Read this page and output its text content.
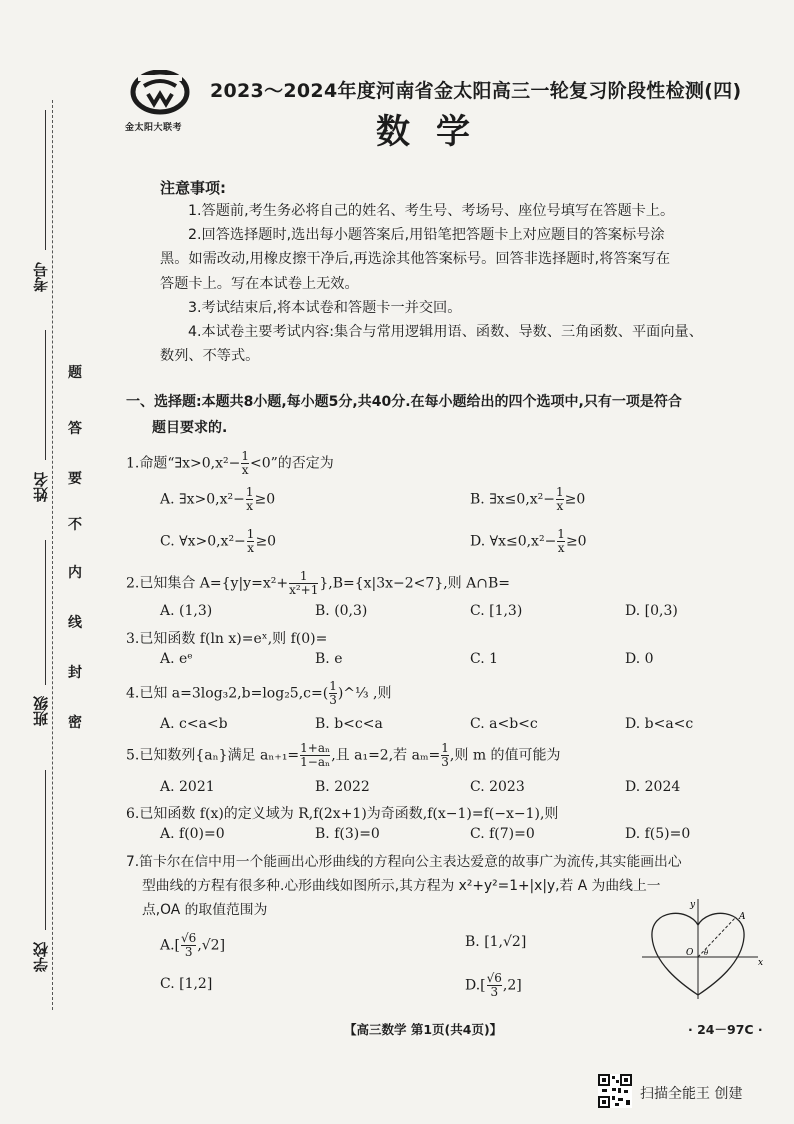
考号
姓名
班级
学校
题
答
要
不
内
线
封
密
金太阳大联考
2023～2024年度河南省金太阳高三一轮复习阶段性检测(四)
数学
注意事项:
1.答题前,考生务必将自己的姓名、考生号、考场号、座位号填写在答题卡上。
2.回答选择题时,选出每小题答案后,用铅笔把答题卡上对应题目的答案标号涂
黑。如需改动,用橡皮擦干净后,再选涂其他答案标号。回答非选择题时,将答案写在
答题卡上。写在本试卷上无效。
3.考试结束后,将本试卷和答题卡一并交回。
4.本试卷主要考试内容:集合与常用逻辑用语、函数、导数、三角函数、平面向量、
数列、不等式。
一、选择题:本题共8小题,每小题5分,共40分.在每小题给出的四个选项中,只有一项是符合
题目要求的.
1.命题“∃x>0,x²− $\frac{1}{x} <0$”的否定为
A. ∃x>0,x²− $\frac{1}{x} \ge 0$	B. ∃x≤0,x²− $\frac{1}{x} \ge 0$
C. ∀x>0,x²− $\frac{1}{x} \ge 0$	D. ∀x≤0,x²− $\frac{1}{x} \ge 0$
2.已知集合 $A=\{y|y=x^2+ \frac{1}{\text{x²+1}} \},B=\{x|3x-2<7\}$,则 A∩B=
A. (1,3)	B. (0,3)	C. [1,3)	D. [0,3)
3.已知函数 f(ln x)=eˣ,则 f(0)=
A. eᵉ	B. e	C. 1	D. 0
4.已知 $a=3\log_32,b=\log_25,c=( \frac{1}{3}$ )^⅓ ,则
A. c<a<b	B. b<c<a	C. a<b<c	D. b<a<c
5.已知数列{aₙ}满足 $a_{n+1}= \frac{\text{1+aₙ}}{\text{1−aₙ}}$ ,且 a₁=2,若 $a_m= \frac{1}{3}$ ,则 m 的值可能为
A. 2021	B. 2022	C. 2023	D. 2024
6.已知函数 f(x)的定义域为 R,f(2x+1)为奇函数,f(x−1)=f(−x−1),则
A. f(0)=0	B. f(3)=0	C. f(7)=0	D. f(5)=0
7.笛卡尔在信中用一个能画出心形曲线的方程向公主表达爱意的故事广为流传,其实能画出心
型曲线的方程有很多种.心形曲线如图所示,其方程为 x²+y²=1+|x|y,若 A 为曲线上一
点,OA 的取值范围为
$A.[ \frac{√6}{3} ,√2]$	B. [1,√2]
C. [1,2]	$D.[ \frac{√6}{3} ,2]$
y
x
O
A
θ
【高三数学 第1页(共4页)】	· 24－97C ·
扫描全能王 创建
